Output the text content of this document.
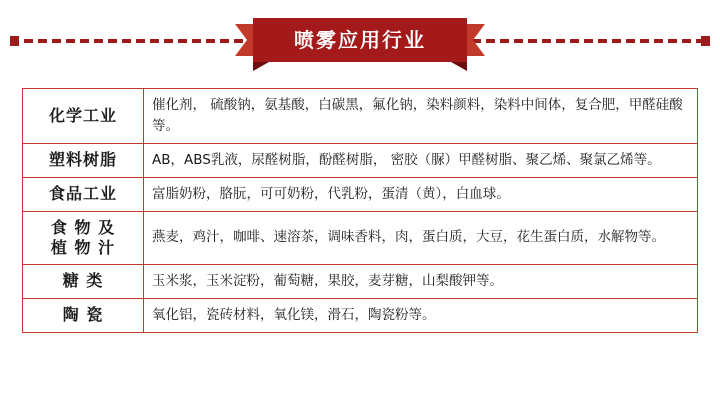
喷雾应用行业
化学工业	催化剂， 硫酸钠，氨基酸，白碳黑，氟化钠，染料颜料，染料中间体，复合肥，甲醛硅酸等。

塑料树脂	AB，ABS乳液，尿醛树脂，酚醛树脂， 密胶（脲）甲醛树脂、聚乙烯、聚氯乙烯等。

食品工业	富脂奶粉，胳朊，可可奶粉，代乳粉，蛋清（黄），白血球。

食 物 及
植 物 汁	燕麦，鸡汁，咖啡、速溶茶，调味香料，肉，蛋白质，大豆，花生蛋白质，水解物等。

糖 类	玉米浆，玉米淀粉，葡萄糖，果胶，麦芽糖，山梨酸钾等。

陶 瓷	氧化铝，瓷砖材料，氧化镁，滑石，陶瓷粉等。
